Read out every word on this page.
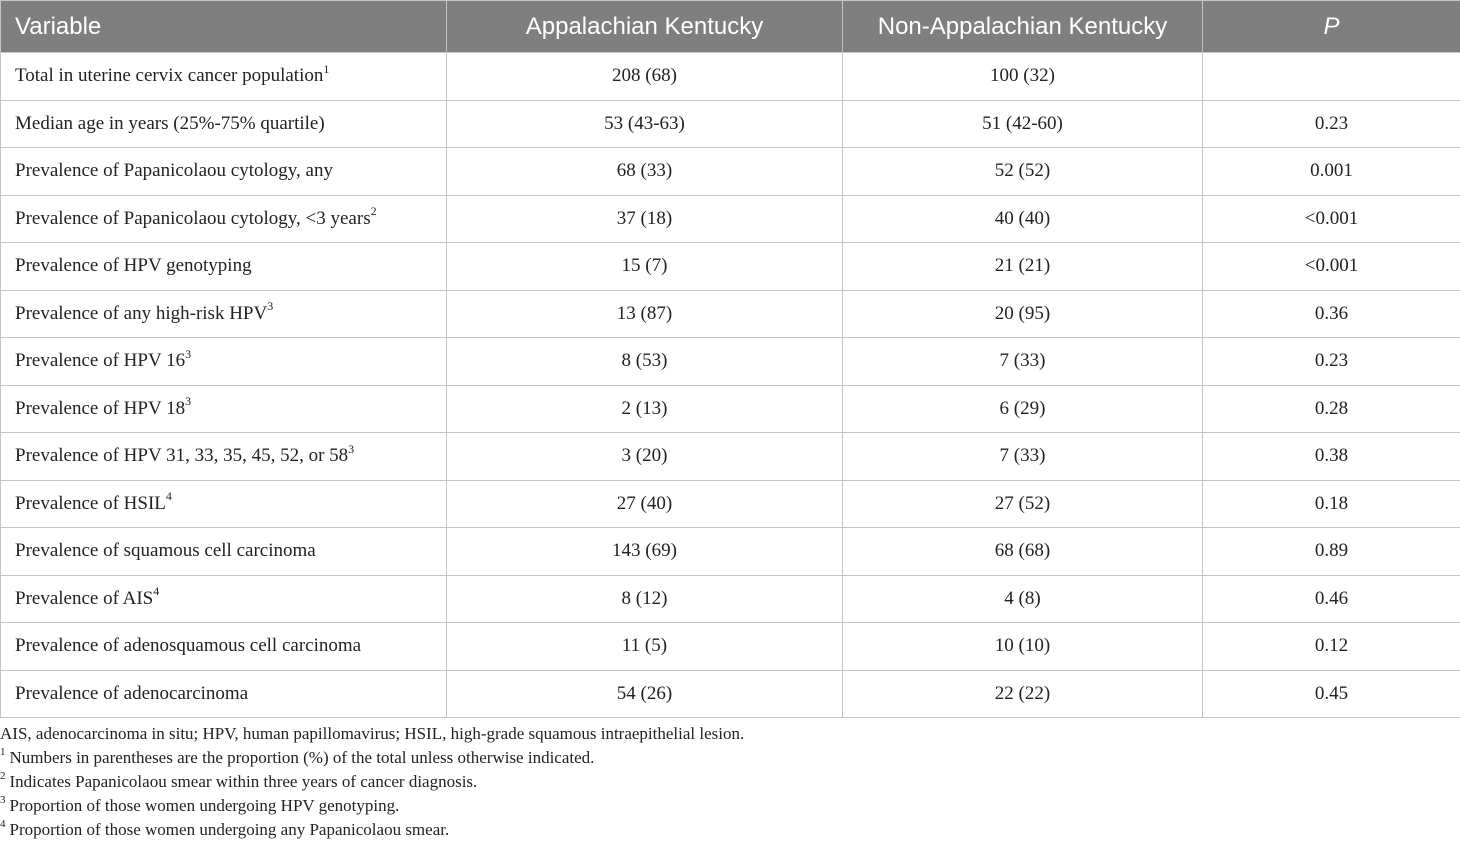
Variable	Appalachian Kentucky	Non-Appalachian Kentucky	P
Total in uterine cervix cancer population$^1$	208 (68)	100 (32)	
Median age in years (25%-75% quartile)	53 (43-63)	51 (42-60)	0.23
Prevalence of Papanicolaou cytology, any	68 (33)	52 (52)	0.001
Prevalence of Papanicolaou cytology, <3 years$^2$	37 (18)	40 (40)	<0.001
Prevalence of HPV genotyping	15 (7)	21 (21)	<0.001
Prevalence of any high-risk HPV$^3$	13 (87)	20 (95)	0.36
Prevalence of HPV $16^3$	8 (53)	7 (33)	0.23
Prevalence of HPV $18^3$	2 (13)	6 (29)	0.28
Prevalence of HPV 31, 33, 35, 45, 52, or $58^3$	3 (20)	7 (33)	0.38
Prevalence of HSIL$^4$	27 (40)	27 (52)	0.18
Prevalence of squamous cell carcinoma	143 (69)	68 (68)	0.89
Prevalence of AIS$^4$	8 (12)	4 (8)	0.46
Prevalence of adenosquamous cell carcinoma	11 (5)	10 (10)	0.12
Prevalence of adenocarcinoma	54 (26)	22 (22)	0.45
AIS, adenocarcinoma in situ; HPV, human papillomavirus; HSIL, high-grade squamous intraepithelial lesion.
$^1$ Numbers in parentheses are the proportion (%) of the total unless otherwise indicated.
$^2$ Indicates Papanicolaou smear within three years of cancer diagnosis.
$^3$ Proportion of those women undergoing HPV genotyping.
$^4$ Proportion of those women undergoing any Papanicolaou smear.
